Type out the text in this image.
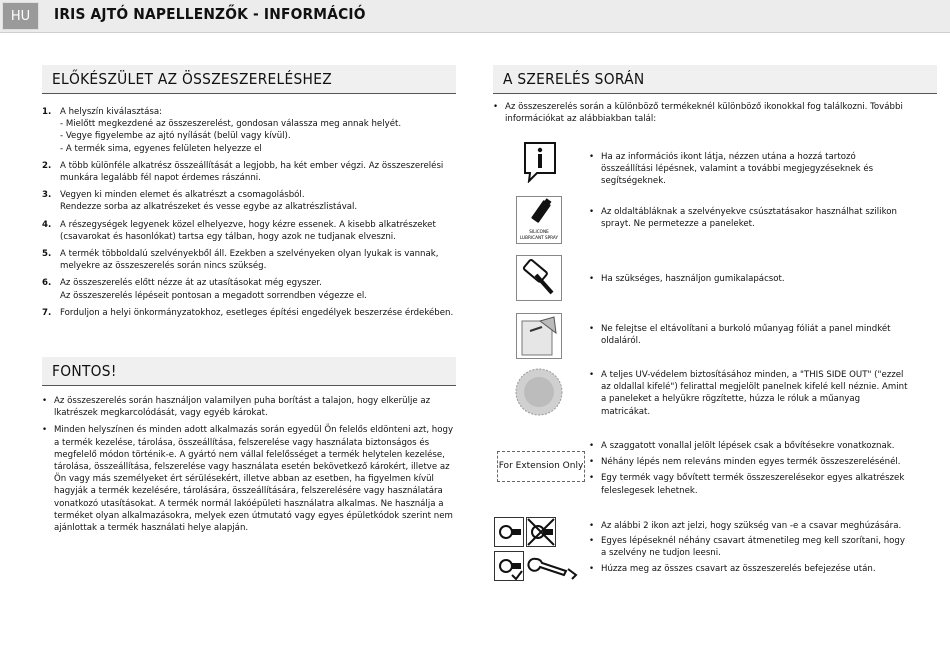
HU	IRIS AJTÓ NAPELLENZŐK - INFORMÁCIÓ
ELŐKÉSZÜLET AZ ÖSSZESZERELÉSHEZ
1. A helyszín kiválasztása:
- Mielőtt megkezdené az összeszerelést, gondosan válassza meg annak helyét.
- Vegye figyelembe az ajtó nyílását (belül vagy kívül).
- A termék sima, egyenes felületen helyezze el
2. A több különféle alkatrész összeállítását a legjobb, ha két ember végzi. Az összeszerelési munkára legalább fél napot érdemes rászánni.
3. Vegyen ki minden elemet és alkatrészt a csomagolásból.
Rendezze sorba az alkatrészeket és vesse egybe az alkatrészlistával.
4. A részegységek legyenek közel elhelyezve, hogy kézre essenek. A kisebb alkatrészeket (csavarokat és hasonlókat) tartsa egy tálban, hogy azok ne tudjanak elveszni.
5. A termék többoldalú szelvényekből áll. Ezekben a szelvényeken olyan lyukak is vannak, melyekre az összeszerelés során nincs szükség.
6. Az összeszerelés előtt nézze át az utasításokat még egyszer.
Az összeszerelés lépéseit pontosan a megadott sorrendben végezze el.
7. Forduljon a helyi önkormányzatokhoz, esetleges építési engedélyek beszerzése érdekében.
FONTOS!
• Az összeszerelés során használjon valamilyen puha borítást a talajon, hogy elkerülje az lkatrészek megkarcolódását, vagy egyéb károkat.
• Minden helyszínen és minden adott alkalmazás során egyedül Ön felelős eldönteni azt, hogy a termék kezelése, tárolása, összeállítása, felszerelése vagy használata biztonságos és megfelelő módon történik-e. A gyártó nem vállal felelősséget a termék helytelen kezelése, tárolása, összeállítása, felszerelése vagy használata esetén bekövetkező károkért, illetve az Ön vagy más személyeket ért sérülésekért, illetve abban az esetben, ha figyelmen kívül hagyják a termék kezelésére, tárolására, összeállítására, felszerelésére vagy használatára vonatkozó utasításokat. A termék normál lakóépületi használatra alkalmas. Ne használja a terméket olyan alkalmazásokra, melyek ezen útmutató vagy egyes épületkódok szerint nem ajánlottak a termék használati helye alapján.
A SZERELÉS SORÁN
• Az összeszerelés során a különböző termékeknél különböző ikonokkal fog találkozni. További információkat az alábbiakban talál:
• Ha az információs ikont látja, nézzen utána a hozzá tartozó összeállítási lépésnek, valamint a további megjegyzéseknek és segítségeknek.
SILICONE
LUBRICANT SPRAY
• Az oldaltábláknak a szelvényekve csúsztatásakor használhat szilikon sprayt. Ne permetezze a paneleket.
• Ha szükséges, használjon gumikalapácsot.
• Ne felejtse el eltávolítani a burkoló műanyag fóliát a panel mindkét oldaláról.
• A teljes UV-védelem biztosításához minden, a "THIS SIDE OUT" ("ezzel az oldallal kifelé") felirattal megjelölt panelnek kifelé kell néznie. Amint a paneleket a helyükre rögzítette, húzza le róluk a műanyag matricákat.
For Extension Only
• A szaggatott vonallal jelölt lépések csak a bővítésekre vonatkoznak.
• Néhány lépés nem releváns minden egyes termék összeszerelésénél.
• Egy termék vagy bővített termék összeszerelésekor egyes alkatrészek feleslegesek lehetnek.
• Az alábbi 2 ikon azt jelzi, hogy szükség van -e a csavar meghúzására.
• Egyes lépéseknél néhány csavart átmenetileg meg kell szorítani, hogy a szelvény ne tudjon leesni.
• Húzza meg az összes csavart az összeszerelés befejezése után.
